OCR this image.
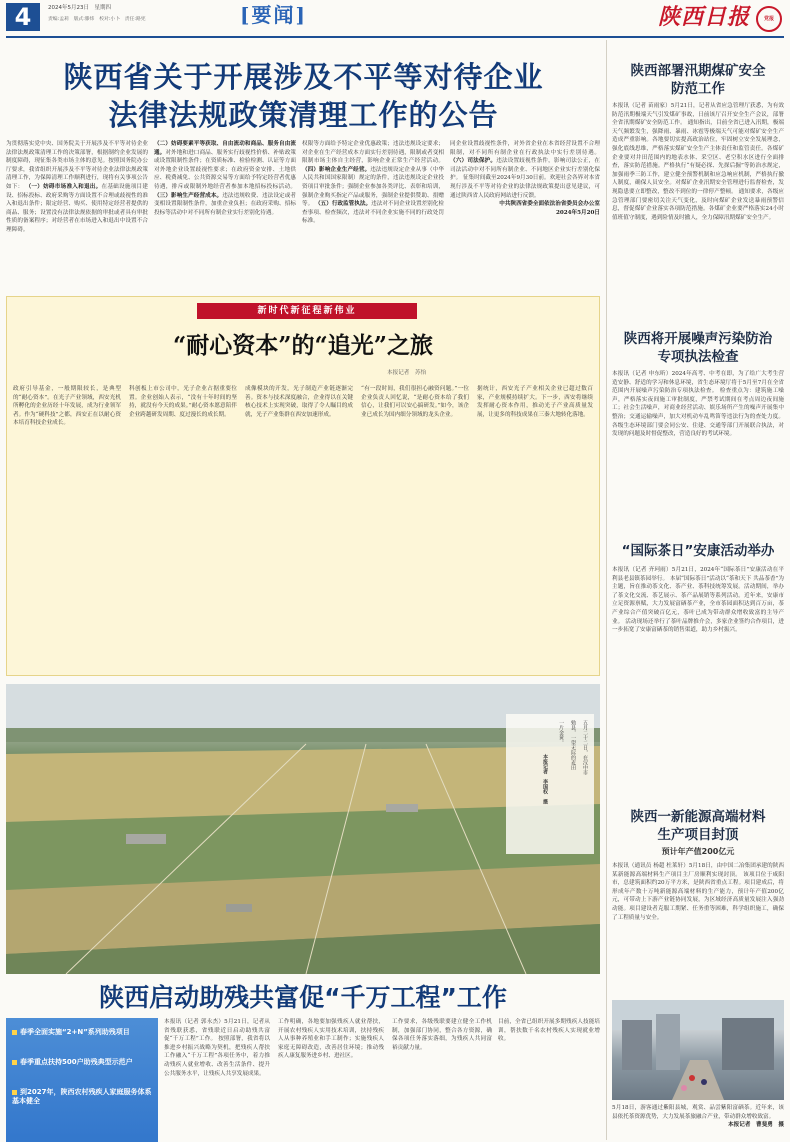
4	2024年5月23日　星期四
责编:孟莉　版式:滕炜　校对:小卜　责任:路宪	[要闻]	陕西日报	党报
陕西省关于开展涉及不平等对待企业
法律法规政策清理工作的公告
为贯彻落实党中央、国务院关于开展涉及不平等对待企业法律法规政策清理工作的决策部署，根据制约企业发展的制度障碍，现征集各类市场主体的意见。按照国务院办公厅要求，我省组织开展涉及不平等对待企业法律法规政策清理工作，为保障清理工作顺利进行，现将有关事项公告如下： （一）妨碍市场准入和退出。在基础设施项目建设、招标投标、政府采购等方面设置不合理或歧视性的准入和退出条件；限定经营、购买、使用特定经营者提供的商品、服务；设置没有法律法规依据的审批或者具有审批性质的备案程序；对经营者在市场进入和退出中设置不合理障碍。
（二）妨碍要素平等获取、自由流动和商品、服务自由流通。对外地和进口商品、服务实行歧视性价格、补贴政策或设置限制性条件；在资质标准、检验检测、认证等方面对外地企业设置歧视性要求；在政府资金安排、土地供应、税费减免、公共资源交易等方面给予特定经营者优惠待遇，排斥或限制外地经营者参加本地招标投标活动。 （三）影响生产经营成本。违法违规收费、违法设定或者变相设置限制性条件，加重企业负担；在政府采购、招标投标等活动中对不同所有制企业实行差别化待遇。
权限等方面给予特定企业优惠政策；违法违规设定要求；对企业在生产经营成本方面实行差别待遇，限制或者变相限制市场主体自主经营，影响企业正常生产经营活动。 （四）影响企业生产经营。违法违规设定企业从事（中华人民共和国国家限制）规定的条件，违法违规设定企业投资项目审批条件；强制企业参加各类评比、表彰和培训，强制企业购买指定产品或服务，强制企业提供赞助、捐赠等。 （五）行政监管执法。违法对不同企业设置差别化检查事项、检查频次，违法对不同企业实施不同的行政处罚标准。
同企业设置歧视性条件，对外省企业在本省经营设置不合理限制，对不同所有制企业在行政执法中实行差别待遇。 （六）司法保护。违法设置歧视性条件，影响司法公正，在司法活动中对不同所有制企业、不同地区企业实行差别化保护。 征集时间截至2024年9月30日前。欢迎社会各界对本省现行涉及不平等对待企业的法律法规政策提出意见建议，可通过陕西省人民政府网站进行反馈。
中共陕西省委全面依法治省委员会办公室
2024年5月20日
陕西部署汛期煤矿安全
防范工作
本报讯（记者 苗雨家）5月21日，记者从省应急管理厅获悉，为有效防范汛期极端天气引发煤矿事故，日前该厅召开安全生产会议，部署全省汛期煤矿安全防范工作。 通知指出，目前全省已进入汛期，极端天气频繁发生，强降雨、暴雨、冰雹等极端天气可能对煤矿安全生产造成严重影响。各地要切实提高政治站位，牢固树立安全发展理念，强化底线思维，严格落实煤矿安全生产主体责任和监管责任。各煤矿企业要对井田范围内的地表水体、采空区、老空积水区进行全面排查，落实防范措施。严格执行“有疑必探、先探后掘”等防治水规定，加强雨季三防工作，建立健全预警机制和应急响应机制，严格执行撤人制度，确保人员安全。对煤矿企业汛期安全管理进行监督检查，发现隐患要立即整改，整改不到位的一律停产整顿。 通知要求，各级应急管理部门要密切关注天气变化，及时向煤矿企业发送暴雨预警信息，督促煤矿企业落实各项防范措施。各煤矿企业要严格落实24小时值班值守制度，遇到险情及时撤人，全力保障汛期煤矿安全生产。
陕西将开展噪声污染防治
专项执法检查
本报讯（记者 申东昕）2024年高考、中考在即，为了给广大考生营造安静、舒适的学习和休息环境，省生态环境厅将于5月至7月在全省范围内开展噪声污染防治专项执法检查。 检查重点为：建筑施工噪声，严格落实夜间施工审批制度，严禁考试期间在考点周边夜间施工；社会生活噪声，对商业经营活动、娱乐场所产生的噪声开展集中整治；交通运输噪声，加大对机动车乱鸣笛等违法行为的查处力度。各级生态环境部门要会同公安、住建、交通等部门开展联合执法，对发现的问题及时督促整改，营造良好的考试环境。
“国际茶日”安康活动举办
本报讯（记者 齐珂雨）5月21日，2024年“国际茶日”安康活动在平利县老县镇茶园举行。 本届“国际茶日”活动以“茶和天下 共品茶香”为主题，旨在推动茶文化、茶产业、茶科技统筹发展。活动期间，举办了茶文化交流、茶艺展示、茶产品展销等系列活动。近年来，安康市立足资源禀赋，大力发展富硒茶产业，全市茶园面积达到百万亩，茶产业综合产值突破百亿元，茶叶已成为带动群众增收致富的主导产业。 活动现场还举行了茶叶品牌推介会，多家企业签约合作项目，进一步拓宽了安康富硒茶的销售渠道，助力乡村振兴。
陕西一新能源高端材料
生产项目封顶
预计年产值200亿元
本报讯（通讯员 杨超 杜莱轩）5月18日，由中国二冶集团承建的陕西某新能源高端材料生产项目主厂房顺利实现封顶。 该项目位于咸阳市，总建筑面积约20万平方米，是陕西省重点工程。项目建成后，将形成年产数十万吨新能源高端材料的生产能力，预计年产值200亿元，可带动上下游产业链协同发展，为区域经济高质量发展注入强劲动能。项目建设者克服工期紧、任务重等困难，科学组织施工，确保了工程质量与安全。
新时代新征程新伟业
“耐心资本”的“追光”之旅
本报记者　苏怡
政府引导基金，一般期限较长，是典型的“耐心资本”。在光子产业领域，西安光机所孵化的企业历经十年发展，成为行业领军者。作为“硬科技”之都，西安正在以耐心资本培育科技企业成长。
科创板上市公司中，光子企业占据重要位置。企业创始人表示，“没有十年时间的坚持，就没有今天的成果。”耐心资本愿意陪伴企业跨越研发周期、度过漫长的成长期。
成像模块的开发，光子制造产业链逐渐完善。资本与技术深度融合，企业得以在关键核心技术上实现突破，取得了令人瞩目的成就，光子产业集群在西安加速形成。
“有一段时间，我们很担心融资问题。”一位企业负责人回忆说，“是耐心资本给了我们信心，让我们可以安心搞研发。”如今，该企业已成长为国内细分领域的龙头企业。
据统计，西安光子产业相关企业已超过数百家，产业规模持续扩大。下一步，西安将继续发挥耐心资本作用，推动光子产业高质量发展，让更多的科技成果在三秦大地转化落地。
五月二十二日，在汉中市
勉县，一望无际的麦田
一片金黄。
本报记者　李国权　摄
陕西启动助残共富促“千万工程”工作
春季全面实施“2+N”系列助残项目
春季重点扶持500户助残典型示范户
到2027年，陕西农村残疾人家庭服务体系基本健全
本报讯（记者 郭永杰）5月21日，记者从省残联获悉，省残联近日启动助残共富促“千万工程”工作。 按照部署，我省将以推进乡村振兴战略为契机，把残疾人帮扶工作融入“千万工程”各项任务中，着力推动残疾人就业增收、改善生活条件、提升公共服务水平，让残疾人共享发展成果。
工作明确，各地要加强残疾人就业帮扶，开展农村残疾人实用技术培训，扶持残疾人从事种养殖业和手工制作；实施残疾人家庭无障碍改造，改善居住环境；推动残疾人康复服务进乡村、进社区。
工作要求，各级残联要建立健全工作机制，加强部门协同，整合各方资源，确保各项任务落实落细，为残疾人共同富裕贡献力量。
目前，全省已组织开展多期残疾人技能培训，帮扶数千名农村残疾人实现就业增收。
5月18日，游客通过紫阳县城，观赏、品尝紫阳富硒茶。近年来，该县依托茶资源优势，大力发展茶旅融合产业，带动群众增收致富。
本报记者　曹斐勇　摄
